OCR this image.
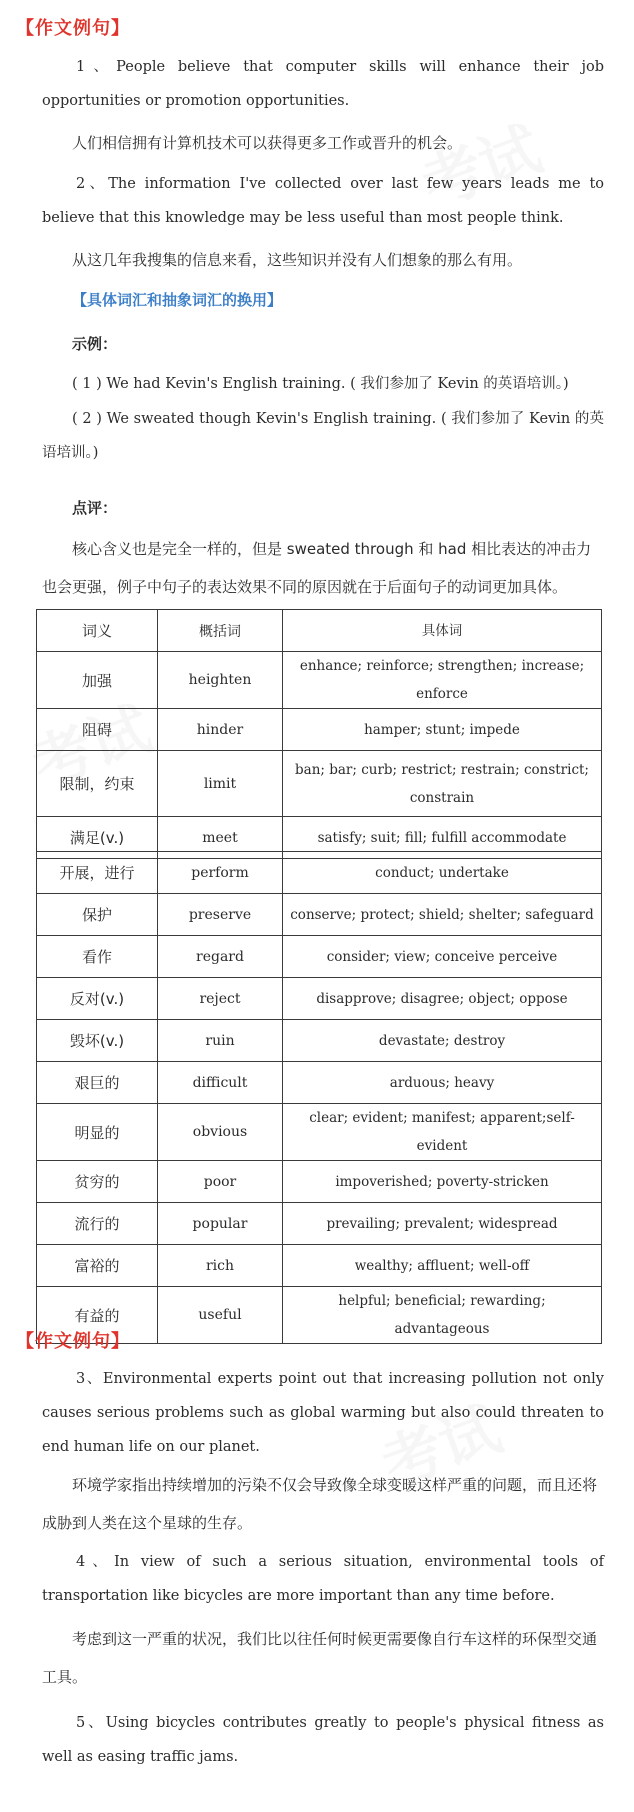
【作文例句】
1、People believe that computer skills will enhance their job opportunities or promotion opportunities.
人们相信拥有计算机技术可以获得更多工作或晋升的机会。
2、The information I've collected over last few years leads me to believe that this knowledge may be less useful than most people think.
从这几年我搜集的信息来看，这些知识并没有人们想象的那么有用。
【具体词汇和抽象词汇的换用】
示例：
( 1 ) We had Kevin's English training. ( 我们参加了 Kevin 的英语培训。)
( 2 ) We sweated though Kevin's English training. ( 我们参加了 Kevin 的英语培训。)
点评：
核心含义也是完全一样的，但是 sweated through 和 had 相比表达的冲击力也会更强，例子中句子的表达效果不同的原因就在于后面句子的动词更加具体。
词义	概括词	具体词
加强	heighten	enhance; reinforce; strengthen; increase; enforce
阻碍	hinder	hamper; stunt; impede
限制，约束	limit	ban; bar; curb; restrict; restrain; constrict; constrain
满足(v.)	meet	satisfy; suit; fill; fulfill accommodate
开展，进行	perform	conduct; undertake
保护	preserve	conserve; protect; shield; shelter; safeguard
看作	regard	consider; view; conceive perceive
反对(v.)	reject	disapprove; disagree; object; oppose
毁坏(v.)	ruin	devastate; destroy
艰巨的	difficult	arduous; heavy
明显的	obvious	clear; evident; manifest; apparent;self-evident
贫穷的	poor	impoverished; poverty-stricken
流行的	popular	prevailing; prevalent; widespread
富裕的	rich	wealthy; affluent; well-off
有益的	useful	helpful; beneficial; rewarding; advantageous
【作文例句】
3、Environmental experts point out that increasing pollution not only causes serious problems such as global warming but also could threaten to end human life on our planet.
环境学家指出持续增加的污染不仅会导致像全球变暖这样严重的问题，而且还将成胁到人类在这个星球的生存。
4、In view of such a serious situation, environmental tools of transportation like bicycles are more important than any time before.
考虑到这一严重的状况，我们比以往任何时候更需要像自行车这样的环保型交通工具。
5、Using bicycles contributes greatly to people's physical fitness as well as easing traffic jams.
